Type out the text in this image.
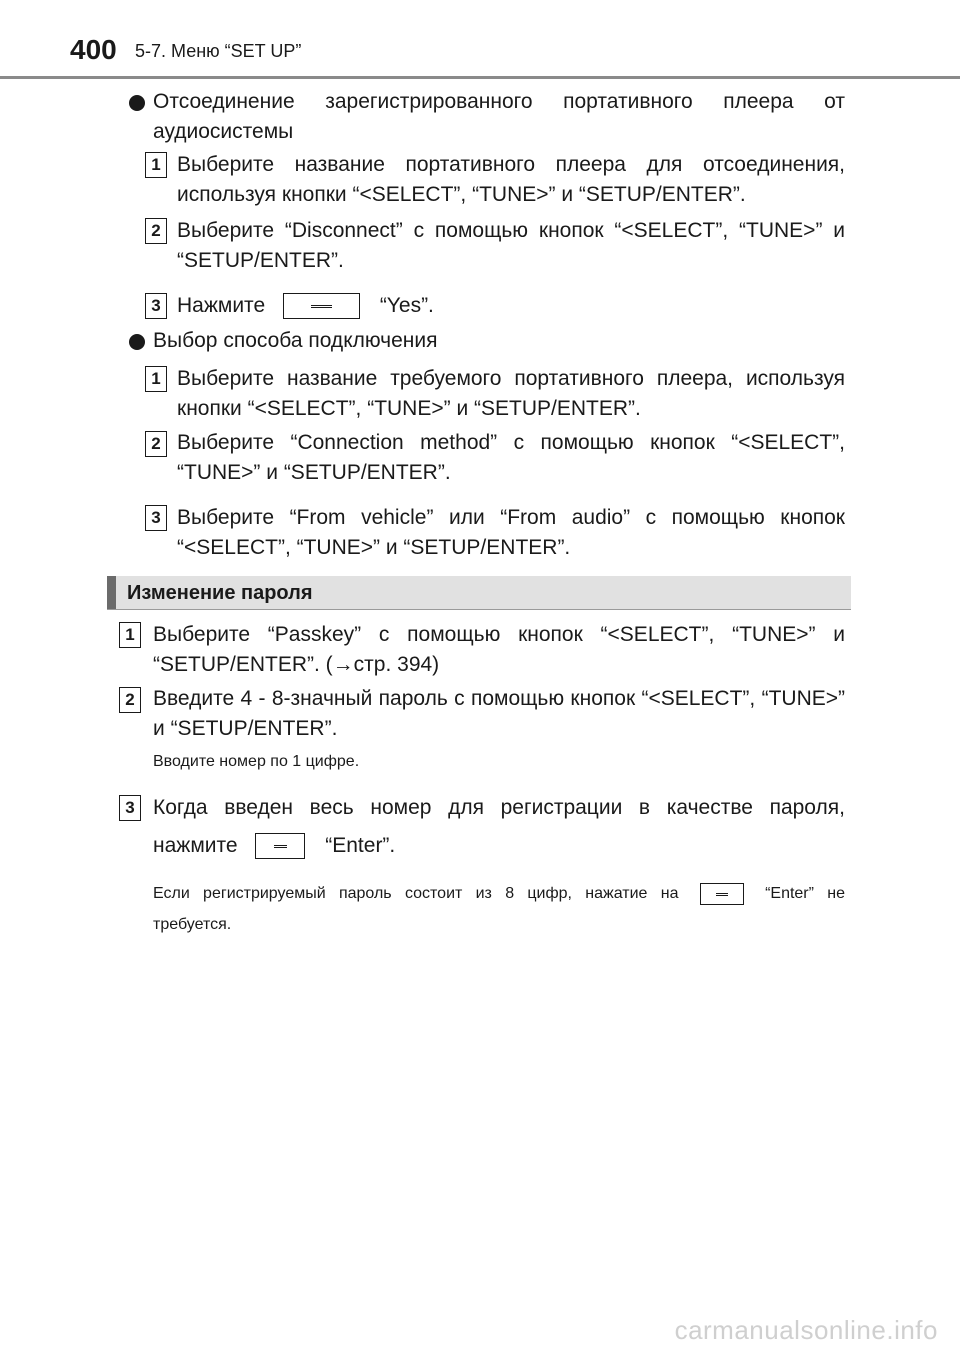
400 5-7. Меню “SET UP”
Отсоединение зарегистрированного портативного плеера от аудиосистемы
1 Выберите название портативного плеера для отсоединения, используя кнопки “<SELECT”, “TUNE>” и “SETUP/ENTER”.
2 Выберите “Disconnect” с помощью кнопок “<SELECT”, “TUNE>” и “SETUP/ENTER”.
3 Нажмите	“Yes”.
Выбор способа подключения
1 Выберите название требуемого портативного плеера, используя кнопки “<SELECT”, “TUNE>” и “SETUP/ENTER”.
2 Выберите “Connection method” с помощью кнопок “<SELECT”, “TUNE>” и “SETUP/ENTER”.
3 Выберите “From vehicle” или “From audio” с помощью кнопок “<SELECT”, “TUNE>” и “SETUP/ENTER”.
Изменение пароля
1 Выберите “Passkey” с помощью кнопок “<SELECT”, “TUNE>” и “SETUP/ENTER”. (→стр. 394)
2 Введите 4 - 8-значный пароль с помощью кнопок “<SELECT”, “TUNE>” и “SETUP/ENTER”.
Вводите номер по 1 цифре.
3 Когда введен весь номер для регистрации в качестве пароля,
нажмите	“Enter”.
Если регистрируемый пароль состоит из 8 цифр, нажатие на	“Enter” не
требуется.
carmanualsonline.info
